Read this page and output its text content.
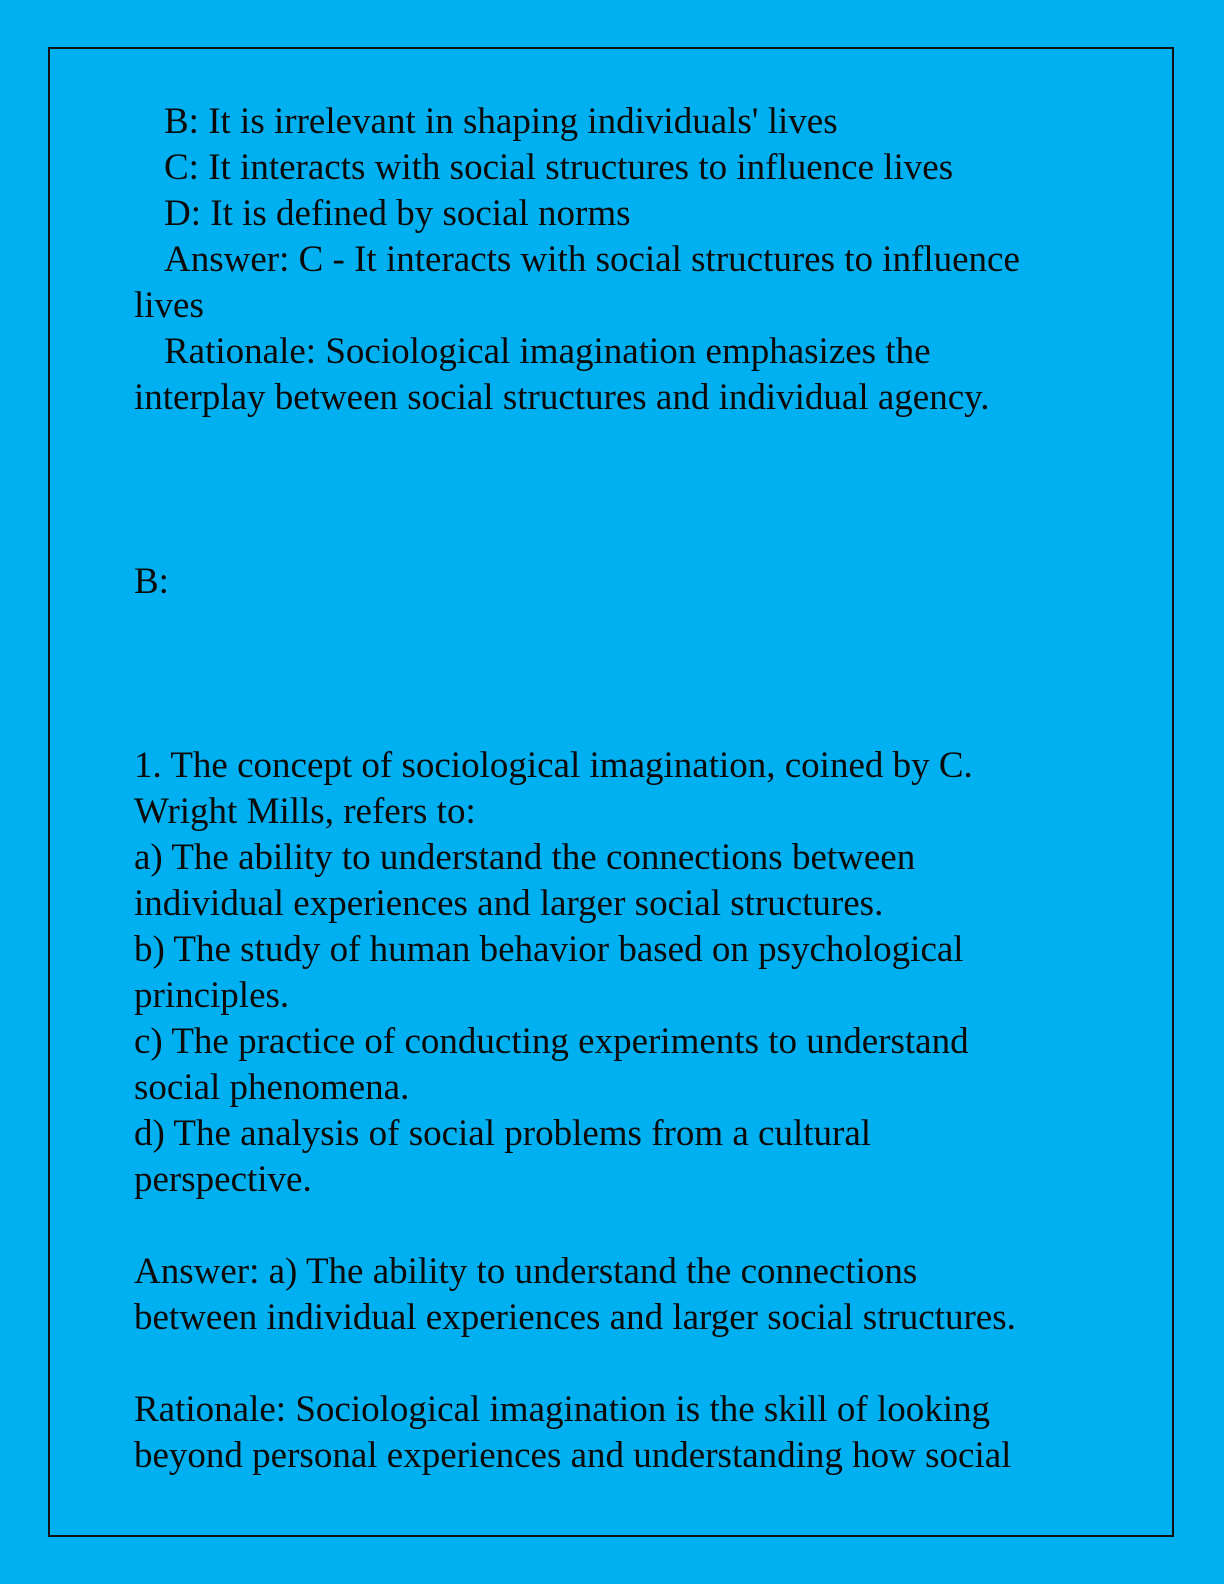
B: It is irrelevant in shaping individuals' lives
C: It interacts with social structures to influence lives
D: It is defined by social norms
Answer: C - It interacts with social structures to influence
lives
Rationale: Sociological imagination emphasizes the
interplay between social structures and individual agency.
B:
1. The concept of sociological imagination, coined by C.
Wright Mills, refers to:
a) The ability to understand the connections between
individual experiences and larger social structures.
b) The study of human behavior based on psychological
principles.
c) The practice of conducting experiments to understand
social phenomena.
d) The analysis of social problems from a cultural
perspective.
Answer: a) The ability to understand the connections
between individual experiences and larger social structures.
Rationale: Sociological imagination is the skill of looking
beyond personal experiences and understanding how social
